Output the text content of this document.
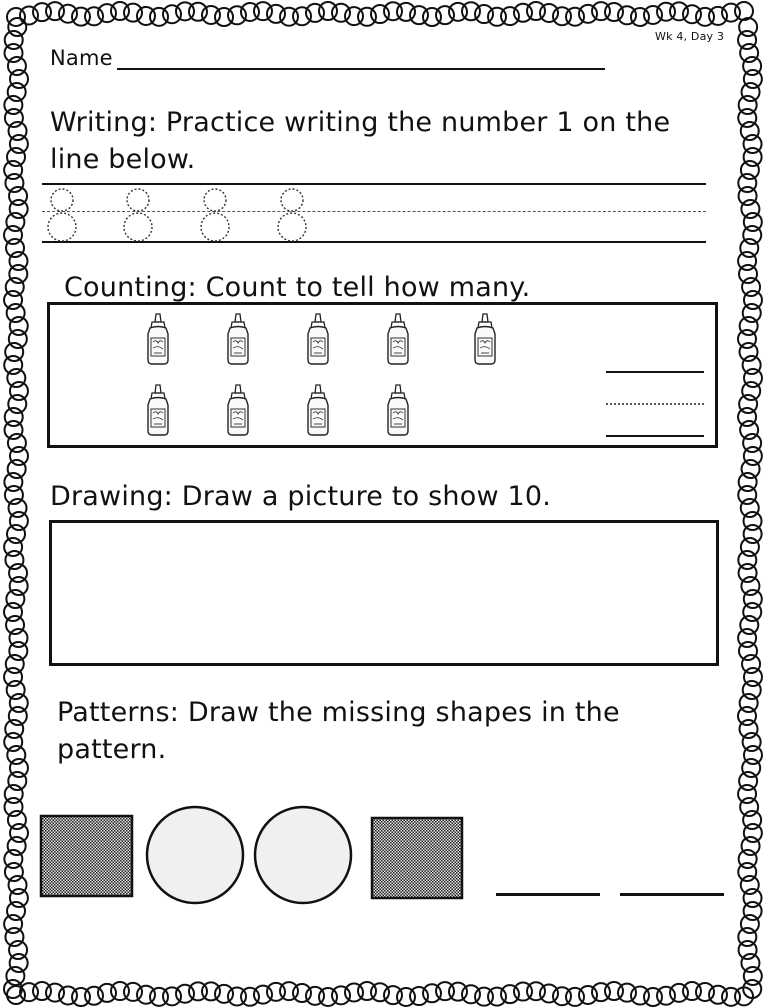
Wk 4, Day 3
Name
Writing: Practice writing the number 1 on the line below.
Counting: Count to tell how many.
Drawing: Draw a picture to show 10.
Patterns: Draw the missing shapes in the pattern.
